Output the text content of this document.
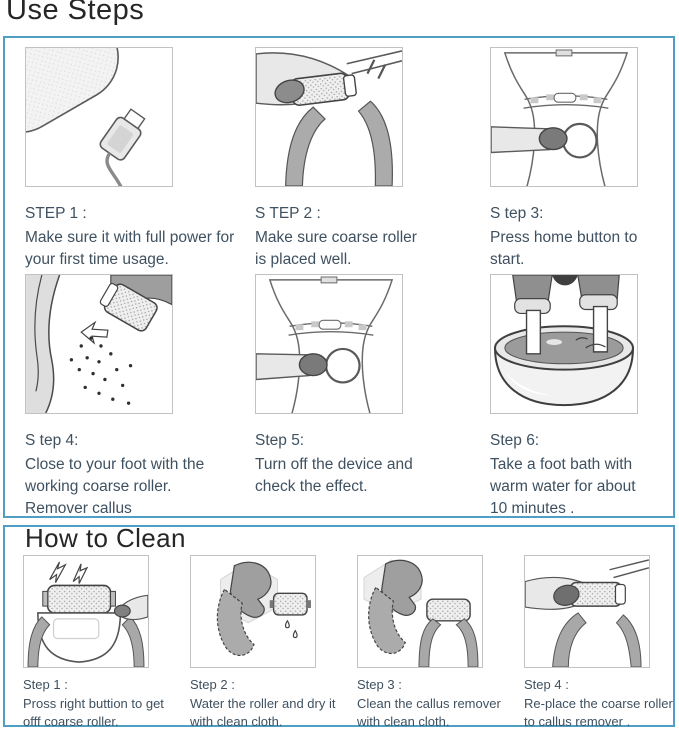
Use Steps
STEP 1 :
Make sure it with full power for your first time usage.
S TEP 2 :
Make sure coarse roller is placed well.
S tep 3:
Press home button to start.
S tep 4:
Close to your foot with the working coarse roller. Remover callus
Step 5:
Turn off the device and check the effect.
Step 6:
Take a foot bath with warm water for about 10 minutes .
How to Clean
Step 1 :
Pross right buttion to get offf coarse roller.
Step 2 :
Water the roller and dry it with clean cloth.
Step 3 :
Clean the callus remover with clean cloth.
Step 4 :
Re-place the coarse roller to callus remover .
